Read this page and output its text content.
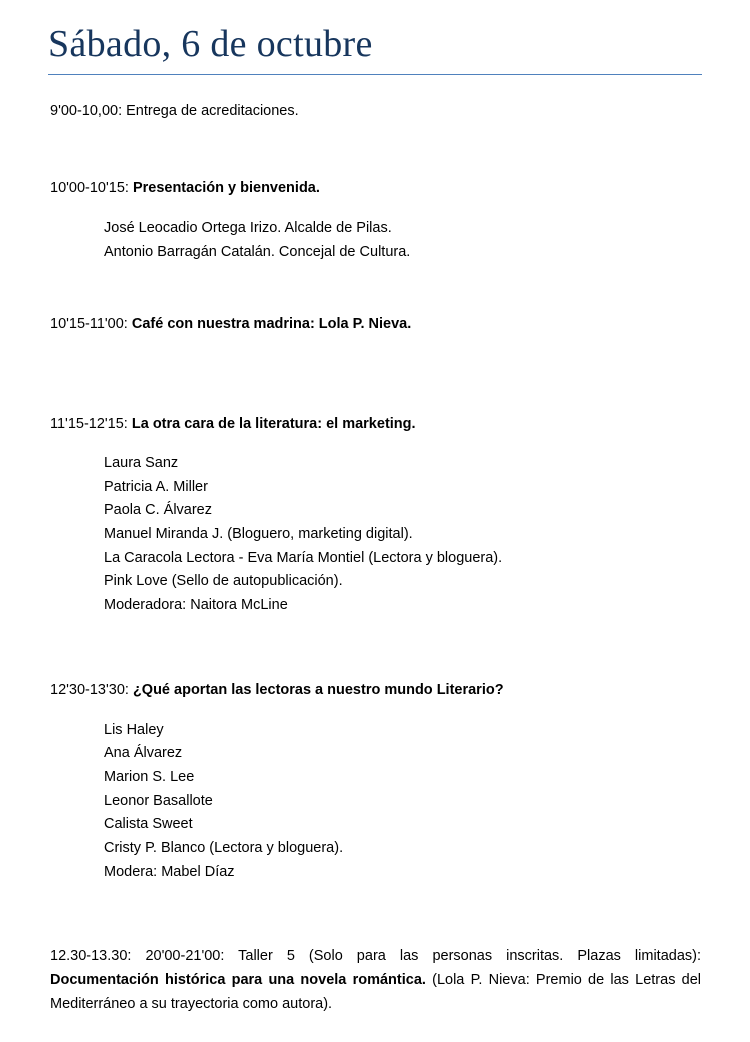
Sábado, 6 de octubre
9'00-10,00: Entrega de acreditaciones.
10'00-10'15: Presentación y bienvenida.
José Leocadio Ortega Irizo. Alcalde de Pilas.
Antonio Barragán Catalán. Concejal de Cultura.
10'15-11'00: Café con nuestra madrina: Lola P. Nieva.
11'15-12'15: La otra cara de la literatura: el marketing.
Laura Sanz
Patricia A. Miller
Paola C. Álvarez
Manuel Miranda J. (Bloguero, marketing digital).
La Caracola Lectora - Eva María Montiel (Lectora y bloguera).
Pink Love (Sello de autopublicación).
Moderadora: Naitora McLine
12'30-13'30: ¿Qué aportan las lectoras a nuestro mundo Literario?
Lis Haley
Ana Álvarez
Marion S. Lee
Leonor Basallote
Calista Sweet
Cristy P. Blanco (Lectora y bloguera).
Modera: Mabel Díaz
12.30-13.30: 20'00-21'00: Taller 5 (Solo para las personas inscritas. Plazas limitadas): Documentación histórica para una novela romántica. (Lola P. Nieva: Premio de las Letras del Mediterráneo a su trayectoria como autora).
